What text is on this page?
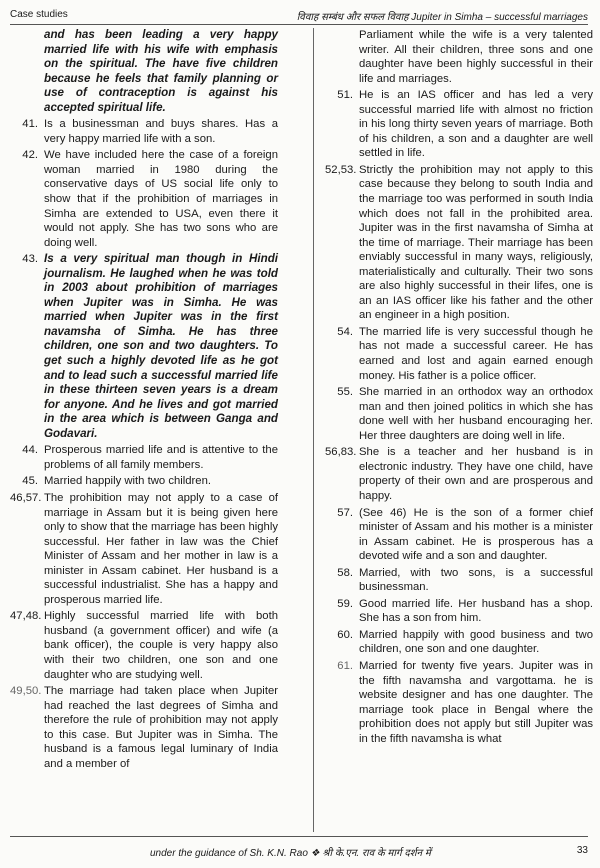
Case studies	विवाह सम्बंध और सफल विवाह Jupiter in Simha – successful marriages
and has been leading a very happy married life with his wife with emphasis on the spiritual. The have five children because he feels that family planning or use of contraception is against his accepted spiritual life.
41. Is a businessman and buys shares. Has a very happy married life with a son.
42. We have included here the case of a foreign woman married in 1980 during the conservative days of US social life only to show that if the prohibition of marriages in Simha are extended to USA, even there it would not apply. She has two sons who are doing well.
43. Is a very spiritual man though in Hindi journalism. He laughed when he was told in 2003 about prohibition of marriages when Jupiter was in Simha. He was married when Jupiter was in the first navamsha of Simha. He has three children, one son and two daughters. To get such a highly devoted life as he got and to lead such a successful married life in these thirteen seven years is a dream for anyone. And he lives and got married in the area which is between Ganga and Godavari.
44. Prosperous married life and is attentive to the problems of all family members.
45. Married happily with two children.
46,57. The prohibition may not apply to a case of marriage in Assam but it is being given here only to show that the marriage has been highly successful. Her father in law was the Chief Minister of Assam and her mother in law is a minister in Assam cabinet. Her husband is a successful industrialist. She has a happy and prosperous married life.
47,48. Highly successful married life with both husband (a government officer) and wife (a bank officer), the couple is very happy also with their two children, one son and one daughter who are studying well.
49,50. The marriage had taken place when Jupiter had reached the last degrees of Simha and therefore the rule of prohibition may not apply to this case. But Jupiter was in Simha. The husband is a famous legal luminary of India and a member of
Parliament while the wife is a very talented writer. All their children, three sons and one daughter have been highly successful in their life and marriages.
51. He is an IAS officer and has led a very successful married life with almost no friction in his long thirty seven years of marriage. Both of his children, a son and a daughter are well settled in life.
52,53. Strictly the prohibition may not apply to this case because they belong to south India and the marriage too was performed in south India which does not fall in the prohibited area. Jupiter was in the first navamsha of Simha at the time of marriage. Their marriage has been enviably successful in many ways, religiously, materialistically and culturally. Their two sons are also highly successful in their lifes, one is an an IAS officer like his father and the other an engineer in a high position.
54. The married life is very successful though he has not made a successful career. He has earned and lost and again earned enough money. His father is a police officer.
55. She married in an orthodox way an orthodox man and then joined politics in which she has done well with her husband encouraging her. Her three daughters are doing well in life.
56,83. She is a teacher and her husband is in electronic industry. They have one child, have property of their own and are prosperous and happy.
57. (See 46) He is the son of a former chief minister of Assam and his mother is a minister in Assam cabinet. He is prosperous has a devoted wife and a son and daughter.
58. Married, with two sons, is a successful businessman.
59. Good married life. Her husband has a shop. She has a son from him.
60. Married happily with good business and two children, one son and one daughter.
61. Married for twenty five years. Jupiter was in the fifth navamsha and vargottama. he is website designer and has one daughter. The marriage took place in Bengal where the prohibition does not apply but still Jupiter was in the fifth navamsha is what
under the guidance of Sh. K.N. Rao ❖ श्री के.एन. राव के मार्ग दर्शन में	33
